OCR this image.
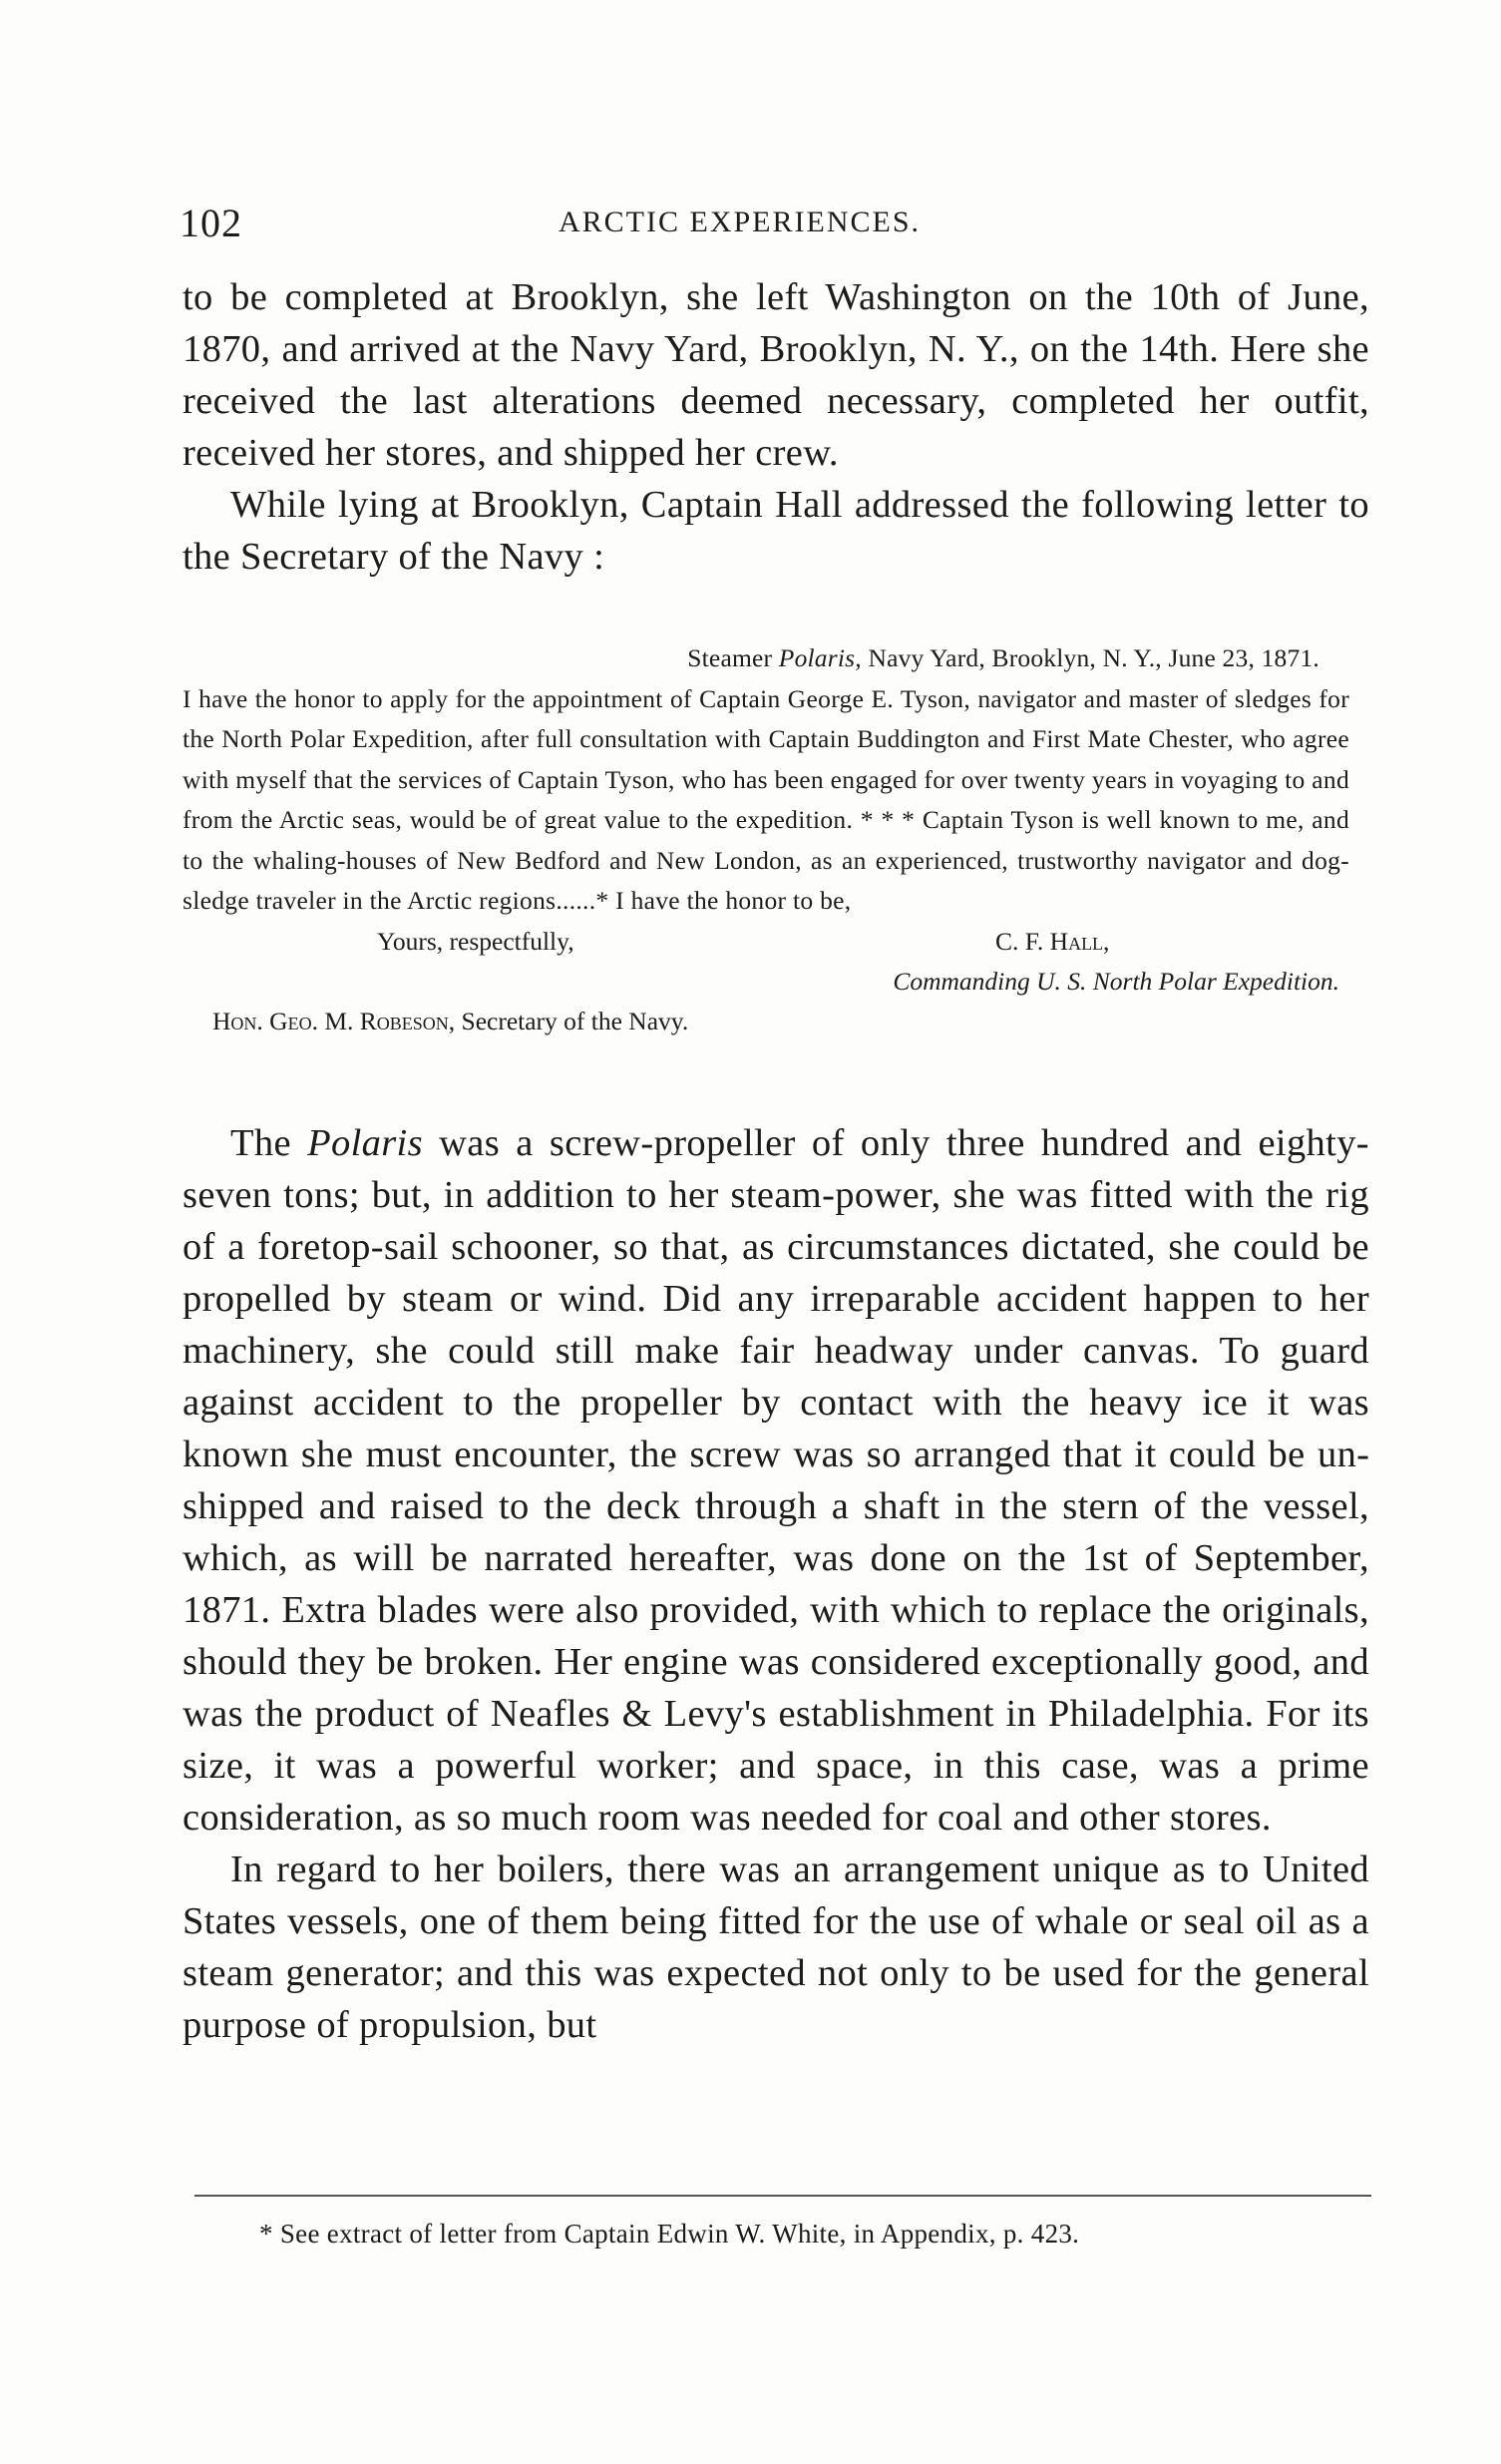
102	ARCTIC EXPERIENCES.

to be completed at Brooklyn, she left Washington on the 10th of June, 1870, and arrived at the Navy Yard, Brooklyn, N. Y., on the 14th. Here she received the last alterations deemed necessary, completed her outfit, received her stores, and shipped her crew.

While lying at Brooklyn, Captain Hall addressed the following letter to the Secretary of the Navy :

Steamer Polaris, Navy Yard, Brooklyn, N. Y., June 23, 1871.

I have the honor to apply for the appointment of Captain George E. Tyson, navigator and master of sledges for the North Polar Expedition, after full consultation with Captain Buddington and First Mate Chester, who agree with myself that the services of Captain Tyson, who has been engaged for over twenty years in voyaging to and from the Arctic seas, would be of great value to the expedition. * * * Captain Tyson is well known to me, and to the whaling-houses of New Bedford and New London, as an experienced, trustworthy navigator and dog-sledge traveler in the Arctic regions......* I have the honor to be,

Yours, respectfully,	C. F. Hall,
Commanding U. S. North Polar Expedition.
Hon. Geo. M. Robeson, Secretary of the Navy.

The Polaris was a screw-propeller of only three hundred and eighty-seven tons; but, in addition to her steam-power, she was fitted with the rig of a foretop-sail schooner, so that, as circumstances dictated, she could be propelled by steam or wind. Did any irreparable accident happen to her machinery, she could still make fair headway under canvas. To guard against accident to the propeller by contact with the heavy ice it was known she must encounter, the screw was so arranged that it could be unshipped and raised to the deck through a shaft in the stern of the vessel, which, as will be narrated hereafter, was done on the 1st of September, 1871. Extra blades were also provided, with which to replace the originals, should they be broken. Her engine was considered exceptionally good, and was the product of Neafles & Levy's establishment in Philadelphia. For its size, it was a powerful worker; and space, in this case, was a prime consideration, as so much room was needed for coal and other stores.

In regard to her boilers, there was an arrangement unique as to United States vessels, one of them being fitted for the use of whale or seal oil as a steam generator; and this was expected not only to be used for the general purpose of propulsion, but

* See extract of letter from Captain Edwin W. White, in Appendix, p. 423.
